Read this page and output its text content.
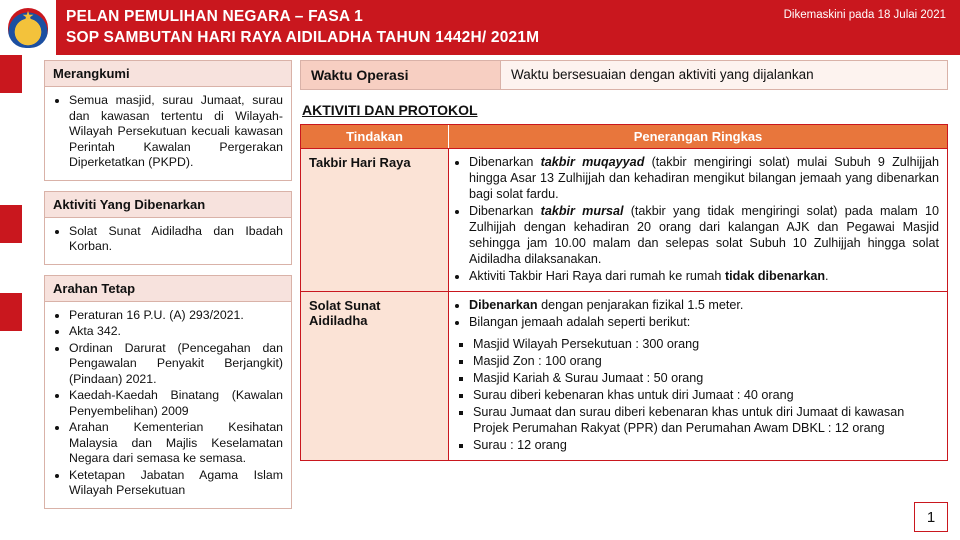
★ PELAN PEMULIHAN NEGARA – FASA 1
SOP SAMBUTAN HARI RAYA AIDILADHA TAHUN 1442H/ 2021M
Dikemaskini pada 18 Julai 2021
Merangkumi
• Semua masjid, surau Jumaat, surau dan kawasan tertentu di Wilayah-Wilayah Persekutuan kecuali kawasan Perintah Kawalan Pergerakan Diperketatkan (PKPD).
Aktiviti Yang Dibenarkan
• Solat Sunat Aidiladha dan Ibadah Korban.
Arahan Tetap
• Peraturan 16 P.U. (A) 293/2021.
• Akta 342.
• Ordinan Darurat (Pencegahan dan Pengawalan Penyakit Berjangkit) (Pindaan) 2021.
• Kaedah-Kaedah Binatang (Kawalan Penyembelihan) 2009
• Arahan Kementerian Kesihatan Malaysia dan Majlis Keselamatan Negara dari semasa ke semasa.
• Ketetapan Jabatan Agama Islam Wilayah Persekutuan
Waktu Operasi	Waktu bersesuaian dengan aktiviti yang dijalankan
AKTIVITI DAN PROTOKOL
Tindakan	Penerangan Ringkas
Takbir Hari Raya	• Dibenarkan takbir muqayyad (takbir mengiringi solat) mulai Subuh 9 Zulhijjah hingga Asar 13 Zulhijjah dan kehadiran mengikut bilangan jemaah yang dibenarkan bagi solat fardu.
• Dibenarkan takbir mursal (takbir yang tidak mengiringi solat) pada malam 10 Zulhijjah dengan kehadiran 20 orang dari kalangan AJK dan Pegawai Masjid sehingga jam 10.00 malam dan selepas solat Subuh 10 Zulhijjah hingga solat Aidiladha dilaksanakan.
• Aktiviti Takbir Hari Raya dari rumah ke rumah tidak dibenarkan.
Solat Sunat Aidiladha
• Dibenarkan dengan penjarakan fizikal 1.5 meter.
• Bilangan jemaah adalah seperti berikut:
▪ Masjid Wilayah Persekutuan : 300 orang
▪ Masjid Zon : 100 orang
▪ Masjid Kariah & Surau Jumaat : 50 orang
▪ Surau diberi kebenaran khas untuk diri Jumaat : 40 orang
▪ Surau Jumaat dan surau diberi kebenaran khas untuk diri Jumaat di kawasan Projek Perumahan Rakyat (PPR) dan Perumahan Awam DBKL : 12 orang
▪ Surau : 12 orang
1
